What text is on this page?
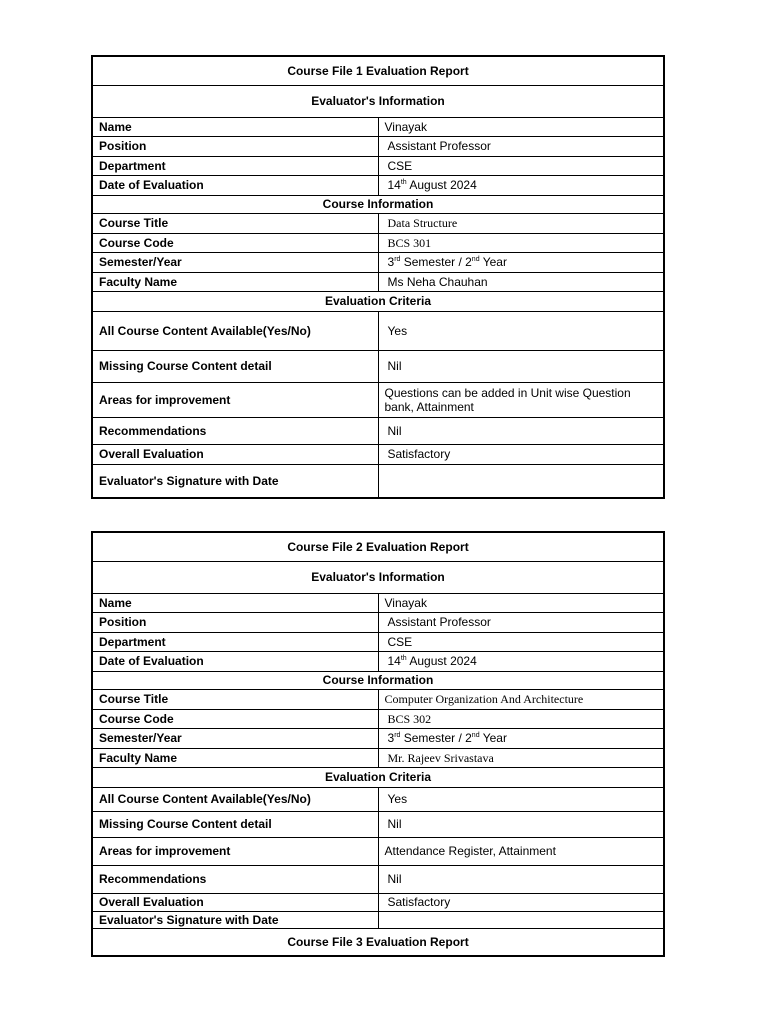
Course File 1 Evaluation Report	
Evaluator's Information	
Name	Vinayak
Position	Assistant Professor
Department	CSE
Date of Evaluation	14th August 2024
Course Information	
Course Title	Data Structure
Course Code	BCS 301
Semester/Year	3rd Semester / 2nd Year
Faculty Name	Ms Neha Chauhan
Evaluation Criteria	
All Course Content Available(Yes/No)	Yes
Missing Course Content detail	Nil
Areas for improvement	Questions can be added in Unit wise Question bank, Attainment
Recommendations	Nil
Overall Evaluation	Satisfactory
Evaluator's Signature with Date	
Course File 2 Evaluation Report	
Evaluator's Information	
Name	Vinayak
Position	Assistant Professor
Department	CSE
Date of Evaluation	14th August 2024
Course Information	
Course Title	Computer Organization And Architecture
Course Code	BCS 302
Semester/Year	3rd Semester / 2nd Year
Faculty Name	Mr. Rajeev Srivastava
Evaluation Criteria	
All Course Content Available(Yes/No)	Yes
Missing Course Content detail	Nil
Areas for improvement	Attendance Register, Attainment
Recommendations	Nil
Overall Evaluation	Satisfactory
Evaluator's Signature with Date	
Course File 3 Evaluation Report	
